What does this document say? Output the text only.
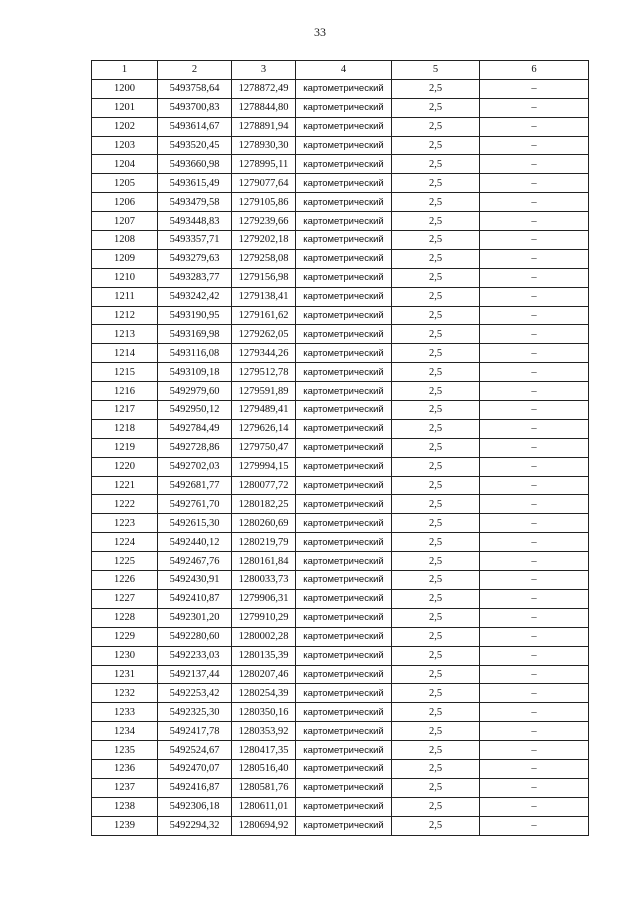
33
1	2	3	4	5	6
1200	5493758,64	1278872,49	картометрический	2,5	–
1201	5493700,83	1278844,80	картометрический	2,5	–
1202	5493614,67	1278891,94	картометрический	2,5	–
1203	5493520,45	1278930,30	картометрический	2,5	–
1204	5493660,98	1278995,11	картометрический	2,5	–
1205	5493615,49	1279077,64	картометрический	2,5	–
1206	5493479,58	1279105,86	картометрический	2,5	–
1207	5493448,83	1279239,66	картометрический	2,5	–
1208	5493357,71	1279202,18	картометрический	2,5	–
1209	5493279,63	1279258,08	картометрический	2,5	–
1210	5493283,77	1279156,98	картометрический	2,5	–
1211	5493242,42	1279138,41	картометрический	2,5	–
1212	5493190,95	1279161,62	картометрический	2,5	–
1213	5493169,98	1279262,05	картометрический	2,5	–
1214	5493116,08	1279344,26	картометрический	2,5	–
1215	5493109,18	1279512,78	картометрический	2,5	–
1216	5492979,60	1279591,89	картометрический	2,5	–
1217	5492950,12	1279489,41	картометрический	2,5	–
1218	5492784,49	1279626,14	картометрический	2,5	–
1219	5492728,86	1279750,47	картометрический	2,5	–
1220	5492702,03	1279994,15	картометрический	2,5	–
1221	5492681,77	1280077,72	картометрический	2,5	–
1222	5492761,70	1280182,25	картометрический	2,5	–
1223	5492615,30	1280260,69	картометрический	2,5	–
1224	5492440,12	1280219,79	картометрический	2,5	–
1225	5492467,76	1280161,84	картометрический	2,5	–
1226	5492430,91	1280033,73	картометрический	2,5	–
1227	5492410,87	1279906,31	картометрический	2,5	–
1228	5492301,20	1279910,29	картометрический	2,5	–
1229	5492280,60	1280002,28	картометрический	2,5	–
1230	5492233,03	1280135,39	картометрический	2,5	–
1231	5492137,44	1280207,46	картометрический	2,5	–
1232	5492253,42	1280254,39	картометрический	2,5	–
1233	5492325,30	1280350,16	картометрический	2,5	–
1234	5492417,78	1280353,92	картометрический	2,5	–
1235	5492524,67	1280417,35	картометрический	2,5	–
1236	5492470,07	1280516,40	картометрический	2,5	–
1237	5492416,87	1280581,76	картометрический	2,5	–
1238	5492306,18	1280611,01	картометрический	2,5	–
1239	5492294,32	1280694,92	картометрический	2,5	–
